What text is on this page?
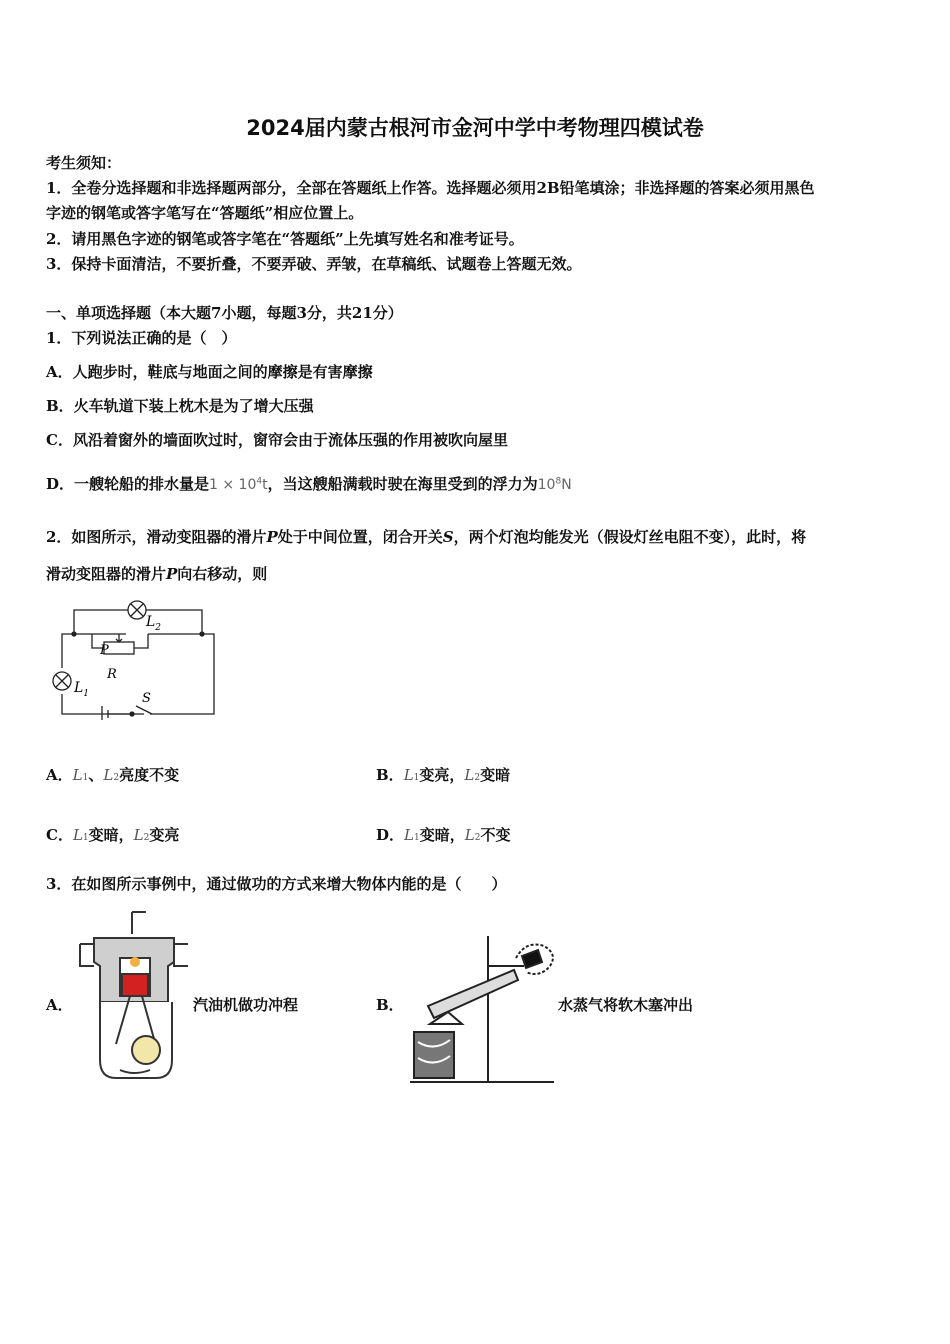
2024届内蒙古根河市金河中学中考物理四模试卷
考生须知：
1．全卷分选择题和非选择题两部分，全部在答题纸上作答。选择题必须用2B铅笔填涂；非选择题的答案必须用黑色
字迹的钢笔或答字笔写在“答题纸”相应位置上。
2．请用黑色字迹的钢笔或答字笔在“答题纸”上先填写姓名和准考证号。
3．保持卡面清洁，不要折叠，不要弄破、弄皱，在草稿纸、试题卷上答题无效。
一、单项选择题（本大题7小题，每题3分，共21分）
1．下列说法正确的是（　）
A．人跑步时，鞋底与地面之间的摩擦是有害摩擦
B．火车轨道下装上枕木是为了增大压强
C．风沿着窗外的墙面吹过时，窗帘会由于流体压强的作用被吹向屋里
D．一艘轮船的排水量是$1 \times 10^4t$，当这艘船满载时驶在海里受到的浮力为$10^8N$
2．如图所示，滑动变阻器的滑片P处于中间位置，闭合开关S，两个灯泡均能发光（假设灯丝电阻不变），此时，将
滑动变阻器的滑片P向右移动，则
$L_2$
P
R
$L_1$	S
A．L1、L2亮度不变	B．L1变亮，L2变暗
C．L1变暗，L2变亮	D．L1变暗，L2不变
3．在如图所示事例中，通过做功的方式来增大物体内能的是（　　）
A．	汽油机做功冲程	B．	水蒸气将软木塞冲出
